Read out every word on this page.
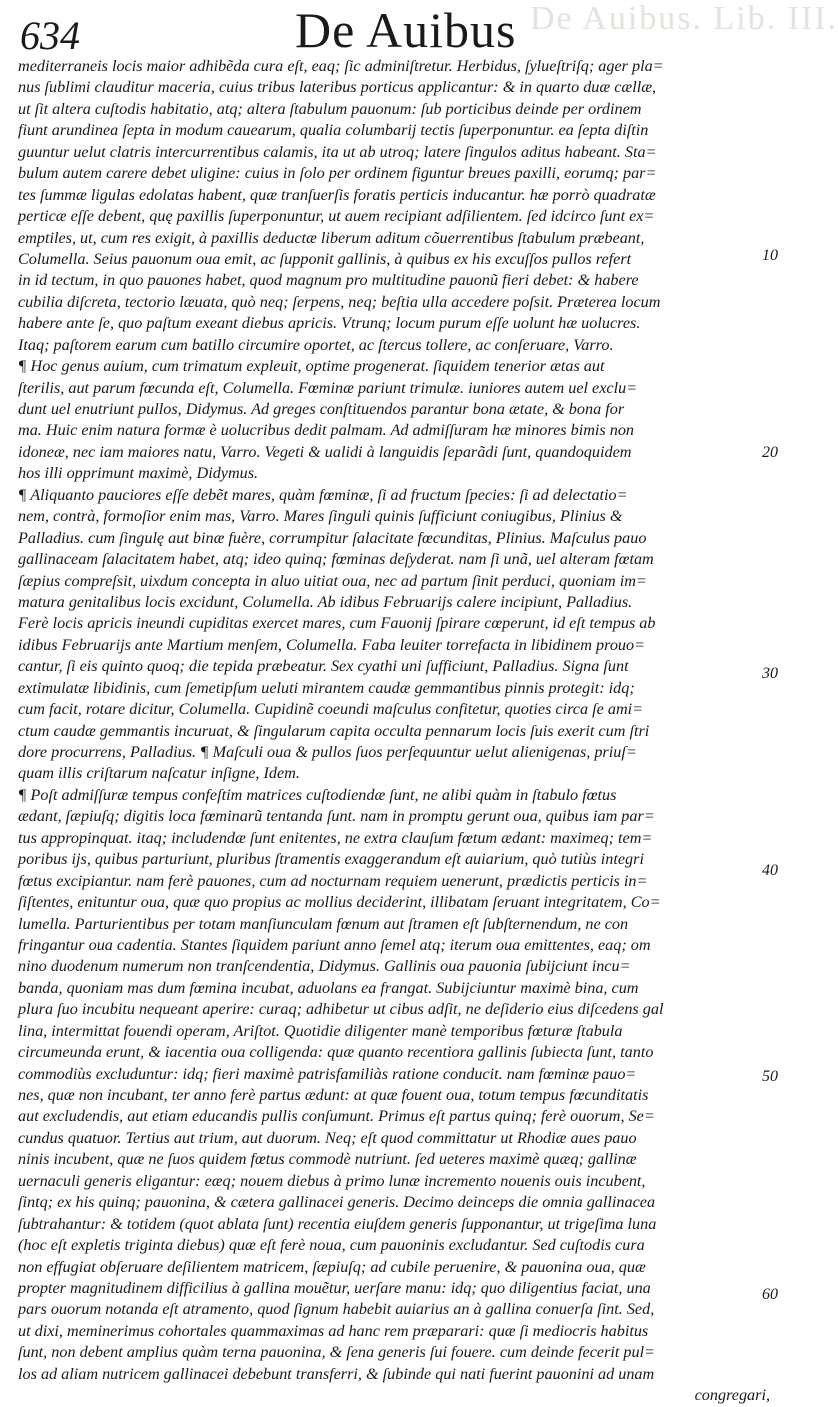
De Auibus. Lib. III.
634	De Auibus
mediterraneis locis maior adhibẽda cura eſt, eaq; ſic adminiſtretur. Herbidus, ſylueſtriſq; ager pla=
nus ſublimi clauditur maceria, cuius tribus lateribus porticus applicantur: & in quarto duæ cællæ,
ut ſit altera cuſtodis habitatio, atq; altera ſtabulum pauonum: ſub porticibus deinde per ordinem
fiunt arundinea ſepta in modum cauearum, qualia columbarij tectis ſuperponuntur. ea ſepta diſtin
guuntur uelut clatris intercurrentibus calamis, ita ut ab utroq; latere ſingulos aditus habeant. Sta=
bulum autem carere debet uligine: cuius in ſolo per ordinem figuntur breues paxilli, eorumq; par=
tes ſummæ ligulas edolatas habent, quæ tranſuerſis foratis perticis inducantur. hæ porrò quadratæ
perticæ eſſe debent, quę paxillis ſuperponuntur, ut auem recipiant adſilientem. ſed idcirco ſunt ex=
emptiles, ut, cum res exigit, à paxillis deductæ liberum aditum cõuerrentibus ſtabulum præbeant,
Columella. Seius pauonum oua emit, ac ſupponit gallinis, à quibus ex his excuſſos pullos refert
in id tectum, in quo pauones habet, quod magnum pro multitudine pauonũ fieri debet: & habere
cubilia diſcreta, tectorio læuata, quò neq; ſerpens, neq; beſtia ulla accedere poſsit. Præterea locum
habere ante ſe, quo paſtum exeant diebus apricis. Vtrunq; locum purum eſſe uolunt hæ uolucres.
Itaq; paſtorem earum cum batillo circumire oportet, ac ſtercus tollere, ac conſeruare, Varro.
¶ Hoc genus auium, cum trimatum expleuit, optime progenerat. ſiquidem tenerior ætas aut
ſterilis, aut parum fœcunda eſt, Columella. Fœminæ pariunt trimulæ. iuniores autem uel exclu=
dunt uel enutriunt pullos, Didymus. Ad greges conſtituendos parantur bona ætate, & bona for
ma. Huic enim natura formæ è uolucribus dedit palmam. Ad admiſſuram hæ minores bimis non
idoneæ, nec iam maiores natu, Varro. Vegeti & ualidi à languidis ſeparãdi ſunt, quandoquidem
hos illi opprimunt maximè, Didymus.
¶ Aliquanto pauciores eſſe debẽt mares, quàm fœminæ, ſi ad fructum ſpecies: ſi ad delectatio=
nem, contrà, formoſior enim mas, Varro. Mares ſinguli quinis ſufficiunt coniugibus, Plinius &
Palladius. cum ſingulę aut binæ fuère, corrumpitur ſalacitate fœcunditas, Plinius. Maſculus pauo
gallinaceam ſalacitatem habet, atq; ideo quinq; fœminas deſyderat. nam ſi unã, uel alteram fœtam
ſæpius compreſsit, uixdum concepta in aluo uitiat oua, nec ad partum ſinit perduci, quoniam im=
matura genitalibus locis excidunt, Columella. Ab idibus Februarijs calere incipiunt, Palladius.
Ferè locis apricis ineundi cupiditas exercet mares, cum Fauonij ſpirare cœperunt, id eſt tempus ab
idibus Februarijs ante Martium menſem, Columella. Faba leuiter torrefacta in libidinem prouo=
cantur, ſi eis quinto quoq; die tepida præbeatur. Sex cyathi uni ſufficiunt, Palladius. Signa ſunt
extimulatæ libidinis, cum ſemetipſum ueluti mirantem caudæ gemmantibus pinnis protegit: idq;
cum facit, rotare dicitur, Columella. Cupidinẽ coeundi maſculus confitetur, quoties circa ſe ami=
ctum caudæ gemmantis incuruat, & ſingularum capita occulta pennarum locis ſuis exerit cum ſtri
dore procurrens, Palladius. ¶ Maſculi oua & pullos ſuos perſequuntur uelut alienigenas, priuſ=
quam illis criſtarum naſcatur inſigne, Idem.
¶ Poſt admiſſuræ tempus confeſtim matrices cuſtodiendæ ſunt, ne alibi quàm in ſtabulo fœtus
ædant, ſæpiuſq; digitis loca fœminarũ tentanda ſunt. nam in promptu gerunt oua, quibus iam par=
tus appropinquat. itaq; includendæ ſunt enitentes, ne extra clauſum fœtum ædant: maximeq; tem=
poribus ijs, quibus parturiunt, pluribus ſtramentis exaggerandum eſt auiarium, quò tutiùs integri
fœtus excipiantur. nam ferè pauones, cum ad nocturnam requiem uenerunt, prædictis perticis in=
ſiſtentes, enituntur oua, quæ quo propius ac mollius deciderint, illibatam ſeruant integritatem, Co=
lumella. Parturientibus per totam manſiunculam fœnum aut ſtramen eſt ſubſternendum, ne con
fringantur oua cadentia. Stantes ſiquidem pariunt anno ſemel atq; iterum oua emittentes, eaq; om
nino duodenum numerum non tranſcendentia, Didymus. Gallinis oua pauonia ſubijciunt incu=
banda, quoniam mas dum fœmina incubat, aduolans ea frangat. Subijciuntur maximè bina, cum
plura ſuo incubitu nequeant aperire: curaq; adhibetur ut cibus adſit, ne deſiderio eius diſcedens gal
lina, intermittat fouendi operam, Ariſtot. Quotidie diligenter manè temporibus fœturæ ſtabula
circumeunda erunt, & iacentia oua colligenda: quæ quanto recentiora gallinis ſubiecta ſunt, tanto
commodiùs excluduntur: idq; fieri maximè patrisfamiliàs ratione conducit. nam fœminæ pauo=
nes, quæ non incubant, ter anno ferè partus ædunt: at quæ fouent oua, totum tempus fœcunditatis
aut excludendis, aut etiam educandis pullis conſumunt. Primus eſt partus quinq; ferè ouorum, Se=
cundus quatuor. Tertius aut trium, aut duorum. Neq; eſt quod committatur ut Rhodiæ aues pauo
ninis incubent, quæ ne ſuos quidem fœtus commodè nutriunt. ſed ueteres maximè quæq; gallinæ
uernaculi generis eligantur: eæq; nouem diebus à primo lunæ incremento nouenis ouis incubent,
ſintq; ex his quinq; pauonina, & cætera gallinacei generis. Decimo deinceps die omnia gallinacea
ſubtrahantur: & totidem (quot ablata ſunt) recentia eiuſdem generis ſupponantur, ut trigeſima luna
(hoc eſt expletis triginta diebus) quæ eſt ferè noua, cum pauoninis excludantur. Sed cuſtodis cura
non effugiat obſeruare deſilientem matricem, ſæpiuſq; ad cubile peruenire, & pauonina oua, quæ
propter magnitudinem difficilius à gallina mouẽtur, uerſare manu: idq; quo diligentius faciat, una
pars ouorum notanda eſt atramento, quod ſignum habebit auiarius an à gallina conuerſa ſint. Sed,
ut dixi, meminerimus cohortales quammaximas ad hanc rem præparari: quæ ſi mediocris habitus
ſunt, non debent amplius quàm terna pauonina, & ſena generis ſui fouere. cum deinde fecerit pul=
los ad aliam nutricem gallinacei debebunt transferri, & ſubinde qui nati fuerint pauonini ad unam
congregari,
10
20
30
40
50
60
